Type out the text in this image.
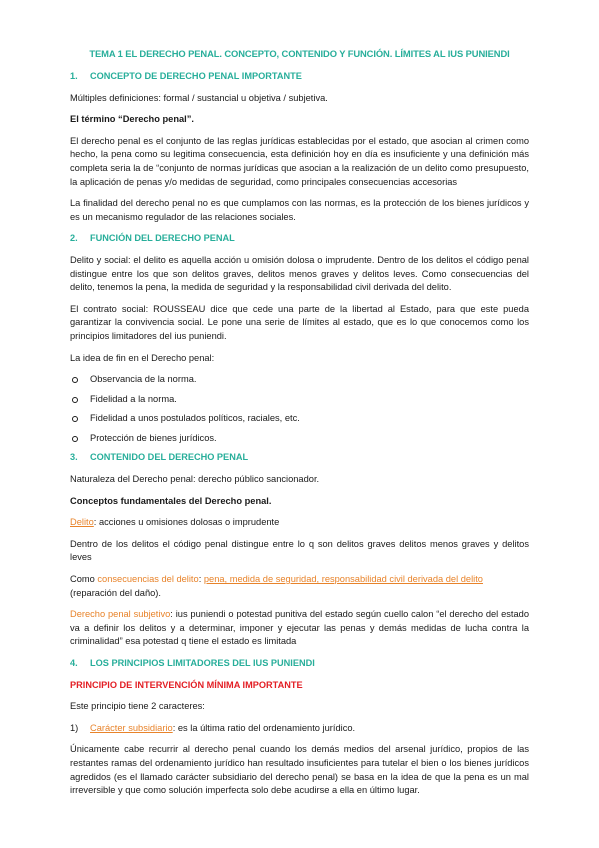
TEMA 1 EL DERECHO PENAL. CONCEPTO, CONTENIDO Y FUNCIÓN. LÍMITES AL IUS PUNIENDI
1. CONCEPTO DE DERECHO PENAL IMPORTANTE

Múltiples definiciones: formal / sustancial u objetiva / subjetiva.

El término “Derecho penal”.

El derecho penal es el conjunto de las reglas jurídicas establecidas por el estado, que asocian al crimen como hecho, la pena como su legitima consecuencia, esta definición hoy en día es insuficiente y una definición más completa seria la de “conjunto de normas jurídicas que asocian a la realización de un delito como presupuesto, la aplicación de penas y/o medidas de seguridad, como principales consecuencias accesorias

La finalidad del derecho penal no es que cumplamos con las normas, es la protección de los bienes jurídicos y es un mecanismo regulador de las relaciones sociales.

2. FUNCIÓN DEL DERECHO PENAL

Delito y social: el delito es aquella acción u omisión dolosa o imprudente. Dentro de los delitos el código penal distingue entre los que son delitos graves, delitos menos graves y delitos leves. Como consecuencias del delito, tenemos la pena, la medida de seguridad y la responsabilidad civil derivada del delito.

El contrato social: ROUSSEAU dice que cede una parte de la libertad al Estado, para que este pueda garantizar la convivencia social. Le pone una serie de límites al estado, que es lo que conocemos como los principios limitadores del ius puniendi.

La idea de fin en el Derecho penal:

Observancia de la norma.
Fidelidad a la norma.
Fidelidad a unos postulados políticos, raciales, etc.
Protección de bienes jurídicos.
3. CONTENIDO DEL DERECHO PENAL

Naturaleza del Derecho penal: derecho público sancionador.

Conceptos fundamentales del Derecho penal.

Delito: acciones u omisiones dolosas o imprudente

Dentro de los delitos el código penal distingue entre lo q son delitos graves delitos menos graves y delitos leves

Como consecuencias del delito: pena, medida de seguridad, responsabilidad civil derivada del delito (reparación del daño).

Derecho penal subjetivo: ius puniendi o potestad punitiva del estado según cuello calon “el derecho del estado va a definir los delitos y a determinar, imponer y ejecutar las penas y demás medidas de lucha contra la criminalidad” esa potestad q tiene el estado es limitada

4. LOS PRINCIPIOS LIMITADORES DEL IUS PUNIENDI
PRINCIPIO DE INTERVENCIÓN MÍNIMA IMPORTANTE

Este principio tiene 2 caracteres:

1) Carácter subsidiario: es la última ratio del ordenamiento jurídico.

Únicamente cabe recurrir al derecho penal cuando los demás medios del arsenal jurídico, propios de las restantes ramas del ordenamiento jurídico han resultado insuficientes para tutelar el bien o los bienes jurídicos agredidos (es el llamado carácter subsidiario del derecho penal) se basa en la idea de que la pena es un mal irreversible y que como solución imperfecta solo debe acudirse a ella en último lugar.
